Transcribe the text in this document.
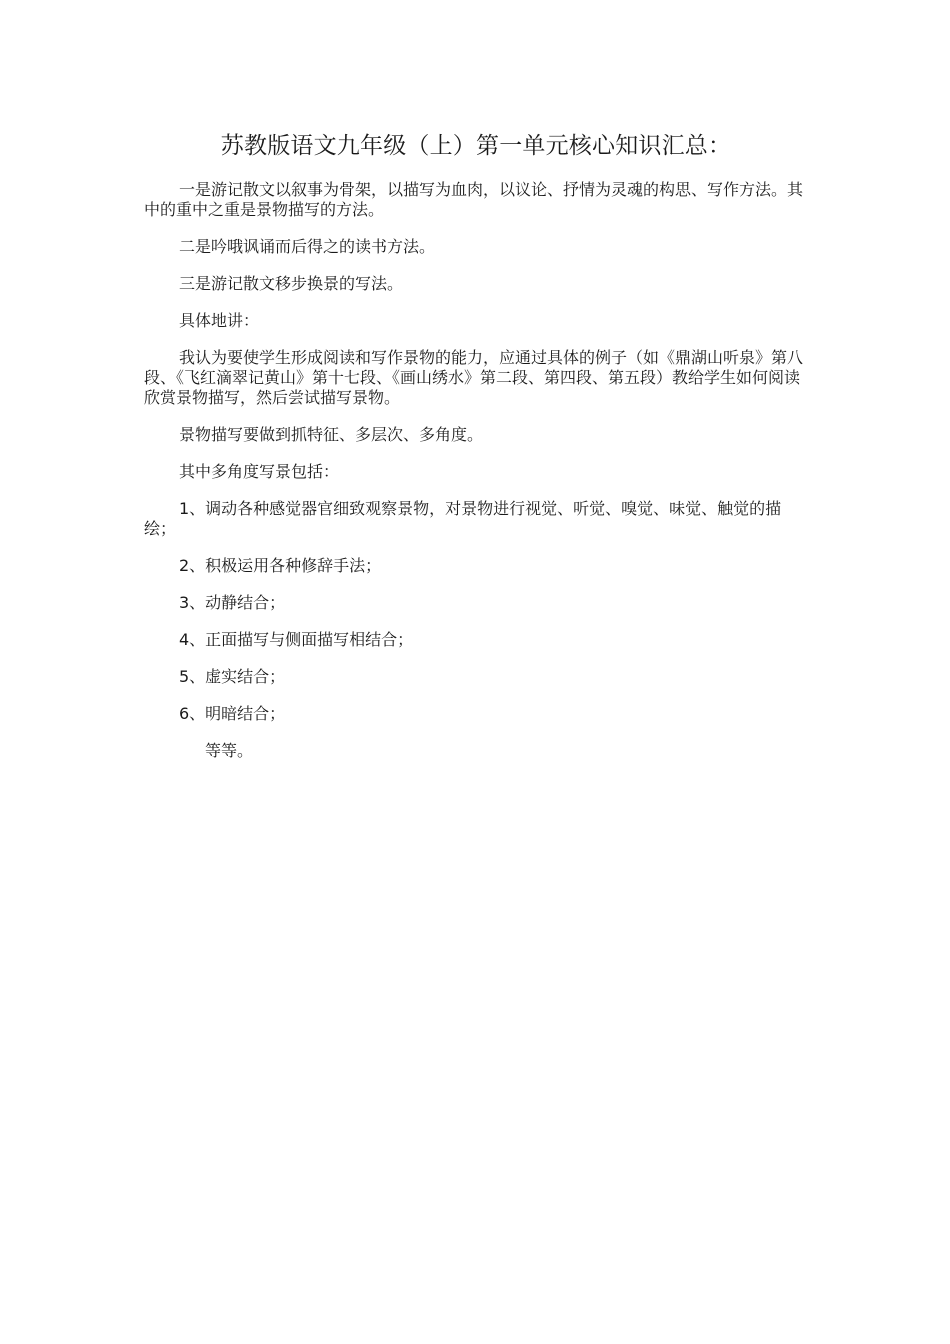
苏教版语文九年级（上）第一单元核心知识汇总：

一是游记散文以叙事为骨架，以描写为血肉，以议论、抒情为灵魂的构思、写作方法。其中的重中之重是景物描写的方法。

二是吟哦讽诵而后得之的读书方法。

三是游记散文移步换景的写法。

具体地讲：

我认为要使学生形成阅读和写作景物的能力，应通过具体的例子（如《鼎湖山听泉》第八段、《飞红滴翠记黄山》第十七段、《画山绣水》第二段、第四段、第五段）教给学生如何阅读欣赏景物描写，然后尝试描写景物。

景物描写要做到抓特征、多层次、多角度。

其中多角度写景包括：

1、调动各种感觉器官细致观察景物，对景物进行视觉、听觉、嗅觉、味觉、触觉的描绘；

2、积极运用各种修辞手法；

3、动静结合；

4、正面描写与侧面描写相结合；

5、虚实结合；

6、明暗结合；

等等。
